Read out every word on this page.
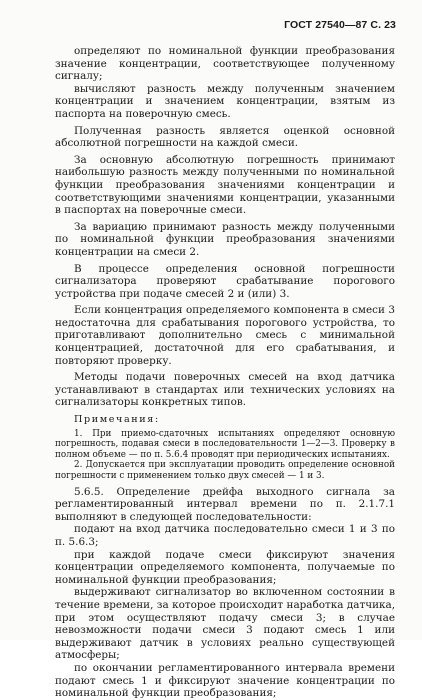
ГОСТ 27540—87 С. 23

определяют по номинальной функции преобразования значение концентрации, соответствующее полученному сигналу;

вычисляют разность между полученным значением концентрации и значением концентрации, взятым из паспорта на поверочную смесь.

Полученная разность является оценкой основной абсолютной погрешности на каждой смеси.

За основную абсолютную погрешность принимают наибольшую разность между полученными по номинальной функции преобразования значениями концентрации и соответствующими значениями концентрации, указанными в паспортах на поверочные смеси.

За вариацию принимают разность между полученными по номинальной функции преобразования значениями концентрации на смеси 2.

В процессе определения основной погрешности сигнализатора проверяют срабатывание порогового устройства при подаче смесей 2 и (или) 3.

Если концентрация определяемого компонента в смеси 3 недостаточна для срабатывания порогового устройства, то приготавливают дополнительно смесь с минимальной концентрацией, достаточной для его срабатывания, и повторяют проверку.

Методы подачи поверочных смесей на вход датчика устанавливают в стандартах или технических условиях на сигнализаторы конкретных типов.

Примечания:

1. При приемо-сдаточных испытаниях определяют основную погрешность, подавая смеси в последовательности 1—2—3. Проверку в полном объеме — по п. 5.6.4 проводят при периодических испытаниях.

2. Допускается при эксплуатации проводить определение основной погрешности с применением только двух смесей — 1 и 3.

5.6.5. Определение дрейфа выходного сигнала за регламентированный интервал времени по п. 2.1.7.1 выполняют в следующей последовательности:

подают на вход датчика последовательно смеси 1 и 3 по п. 5.6.3;

при каждой подаче смеси фиксируют значения концентрации определяемого компонента, получаемые по номинальной функции преобразования;

выдерживают сигнализатор во включенном состоянии в течение времени, за которое происходит наработка датчика, при этом осуществляют подачу смеси 3; в случае невозможности подачи смеси 3 подают смесь 1 или выдерживают датчик в условиях реально существующей атмосферы;

по окончании регламентированного интервала времени подают смесь 1 и фиксируют значение концентрации по номинальной функции преобразования;
